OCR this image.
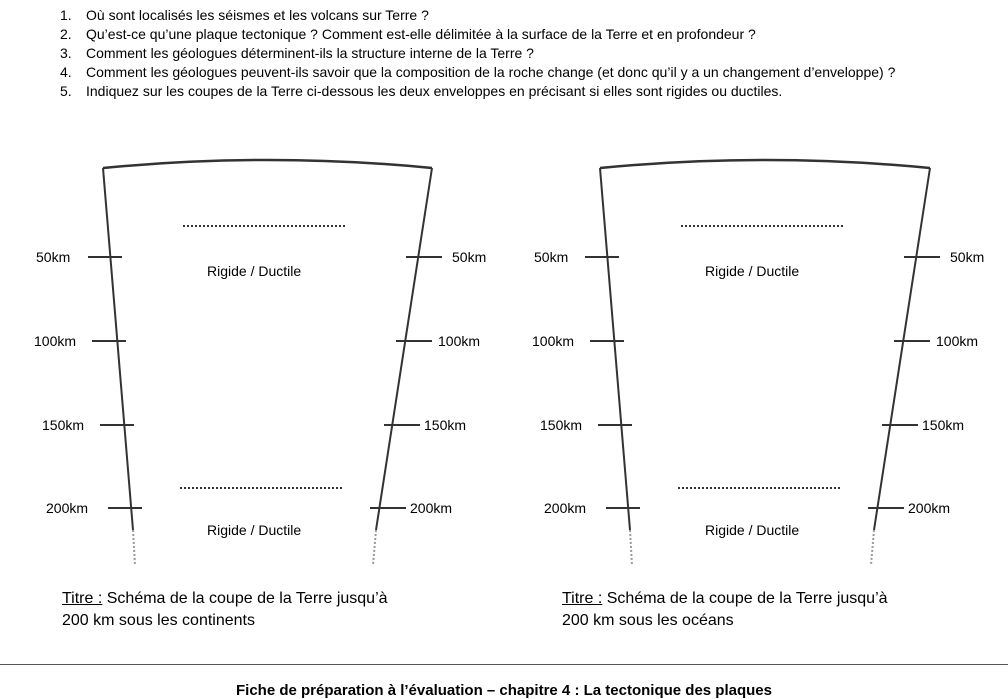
1.	Où sont localisés les séismes et les volcans sur Terre ?
2.	Qu’est-ce qu’une plaque tectonique ? Comment est-elle délimitée à la surface de la Terre et en profondeur ?
3.	Comment les géologues déterminent-ils la structure interne de la Terre ?
4.	Comment les géologues peuvent-ils savoir que la composition de la roche change (et donc qu’il y a un changement d’enveloppe) ?
5.	Indiquez sur les coupes de la Terre ci-dessous les deux enveloppes en précisant si elles sont rigides ou ductiles.
50km
100km
150km
200km
50km
100km
150km
200km
Rigide / Ductile
Rigide / Ductile
50km
100km
150km
200km
50km
100km
150km
200km
Rigide / Ductile
Rigide / Ductile
Titre : Schéma de la coupe de la Terre jusqu’à
200 km sous les continents
Titre : Schéma de la coupe de la Terre jusqu’à
200 km sous les océans
Fiche de préparation à l’évaluation – chapitre 4 : La tectonique des plaques
